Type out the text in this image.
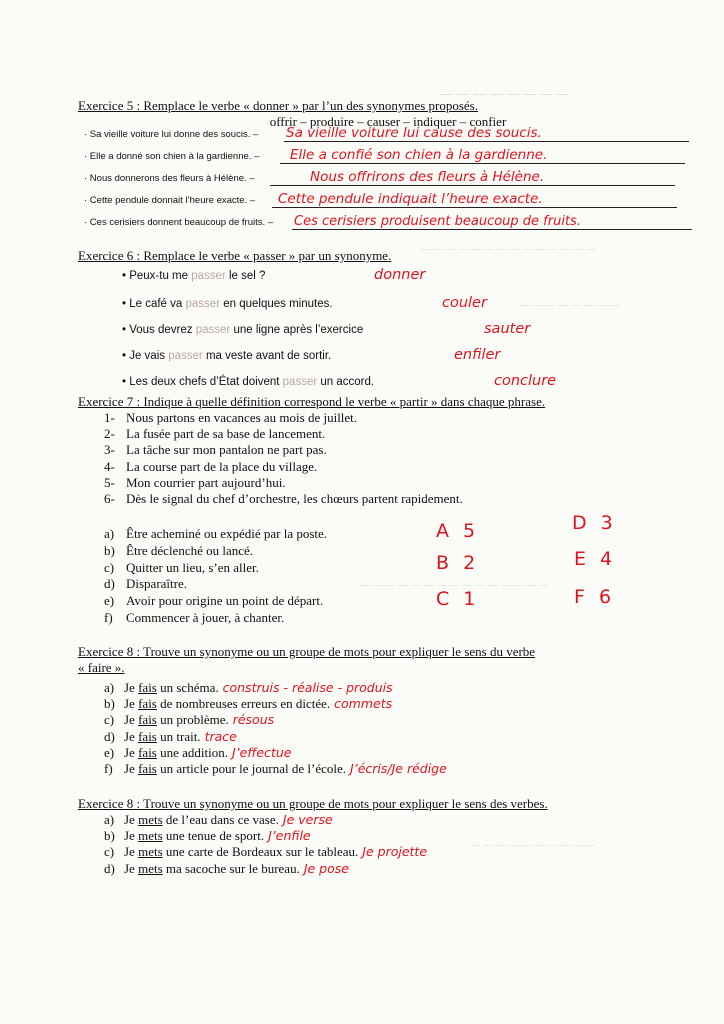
— — — — — — — —
— — — — — — — — — — — — — —
— — — — — — — —
— — — — — — — — — — — — — — —
— — — — — — — — — —

Exercice 5 : Remplace le verbe « donner » par l’un des synonymes proposés.

offrir – produire – causer – indiquer – confier

· Sa vieille voiture lui donne des soucis. – Sa vieille voiture lui cause des soucis.
· Elle a donné son chien à la gardienne. – Elle a confié son chien à la gardienne.
· Nous donnerons des fleurs à Hélène. –	Nous offrirons des fleurs à Hélène.
· Cette pendule donnait l’heure exacte. – Cette pendule indiquait l’heure exacte.
· Ces cerisiers donnent beaucoup de fruits. – Ces cerisiers produisent beaucoup de fruits.

Exercice 6 : Remplace le verbe « passer » par un synonyme.

• Peux-tu me passer le sel ?	donner
• Le café va passer en quelques minutes.	couler
• Vous devrez passer une ligne après l’exercice	sauter
• Je vais passer ma veste avant de sortir.	enfiler
• Les deux chefs d’État doivent passer un accord.	conclure

Exercice 7 : Indique à quelle définition correspond le verbe « partir » dans chaque phrase.

1- Nous partons en vacances au mois de juillet.
2- La fusée part de sa base de lancement.
3- La tâche sur mon pantalon ne part pas.
4- La course part de la place du village.
5- Mon courrier part aujourd’hui.
6- Dès le signal du chef d’orchestre, les chœurs partent rapidement.
a) Être acheminé ou expédié par la poste.
b) Être déclenché ou lancé.
c) Quitter un lieu, s’en aller.
d) Disparaître.
e) Avoir pour origine un point de départ.
f) Commencer à jouer, à chanter.
A 5
B 2
C 1
D 3
E 4
F 6

Exercice 8 : Trouve un synonyme ou un groupe de mots pour expliquer le sens du verbe

« faire ».

a) Je fais un schéma. construis - réalise - produis
b) Je fais de nombreuses erreurs en dictée. commets
c) Je fais un problème. résous
d) Je fais un trait. trace
e) Je fais une addition. J’effectue
f) Je fais un article pour le journal de l’école. J’écris/Je rédige

Exercice 8 : Trouve un synonyme ou un groupe de mots pour expliquer le sens des verbes.

a) Je mets de l’eau dans ce vase. Je verse
b) Je mets une tenue de sport. J’enfile
c) Je mets une carte de Bordeaux sur le tableau. Je projette
d) Je mets ma sacoche sur le bureau. Je pose
